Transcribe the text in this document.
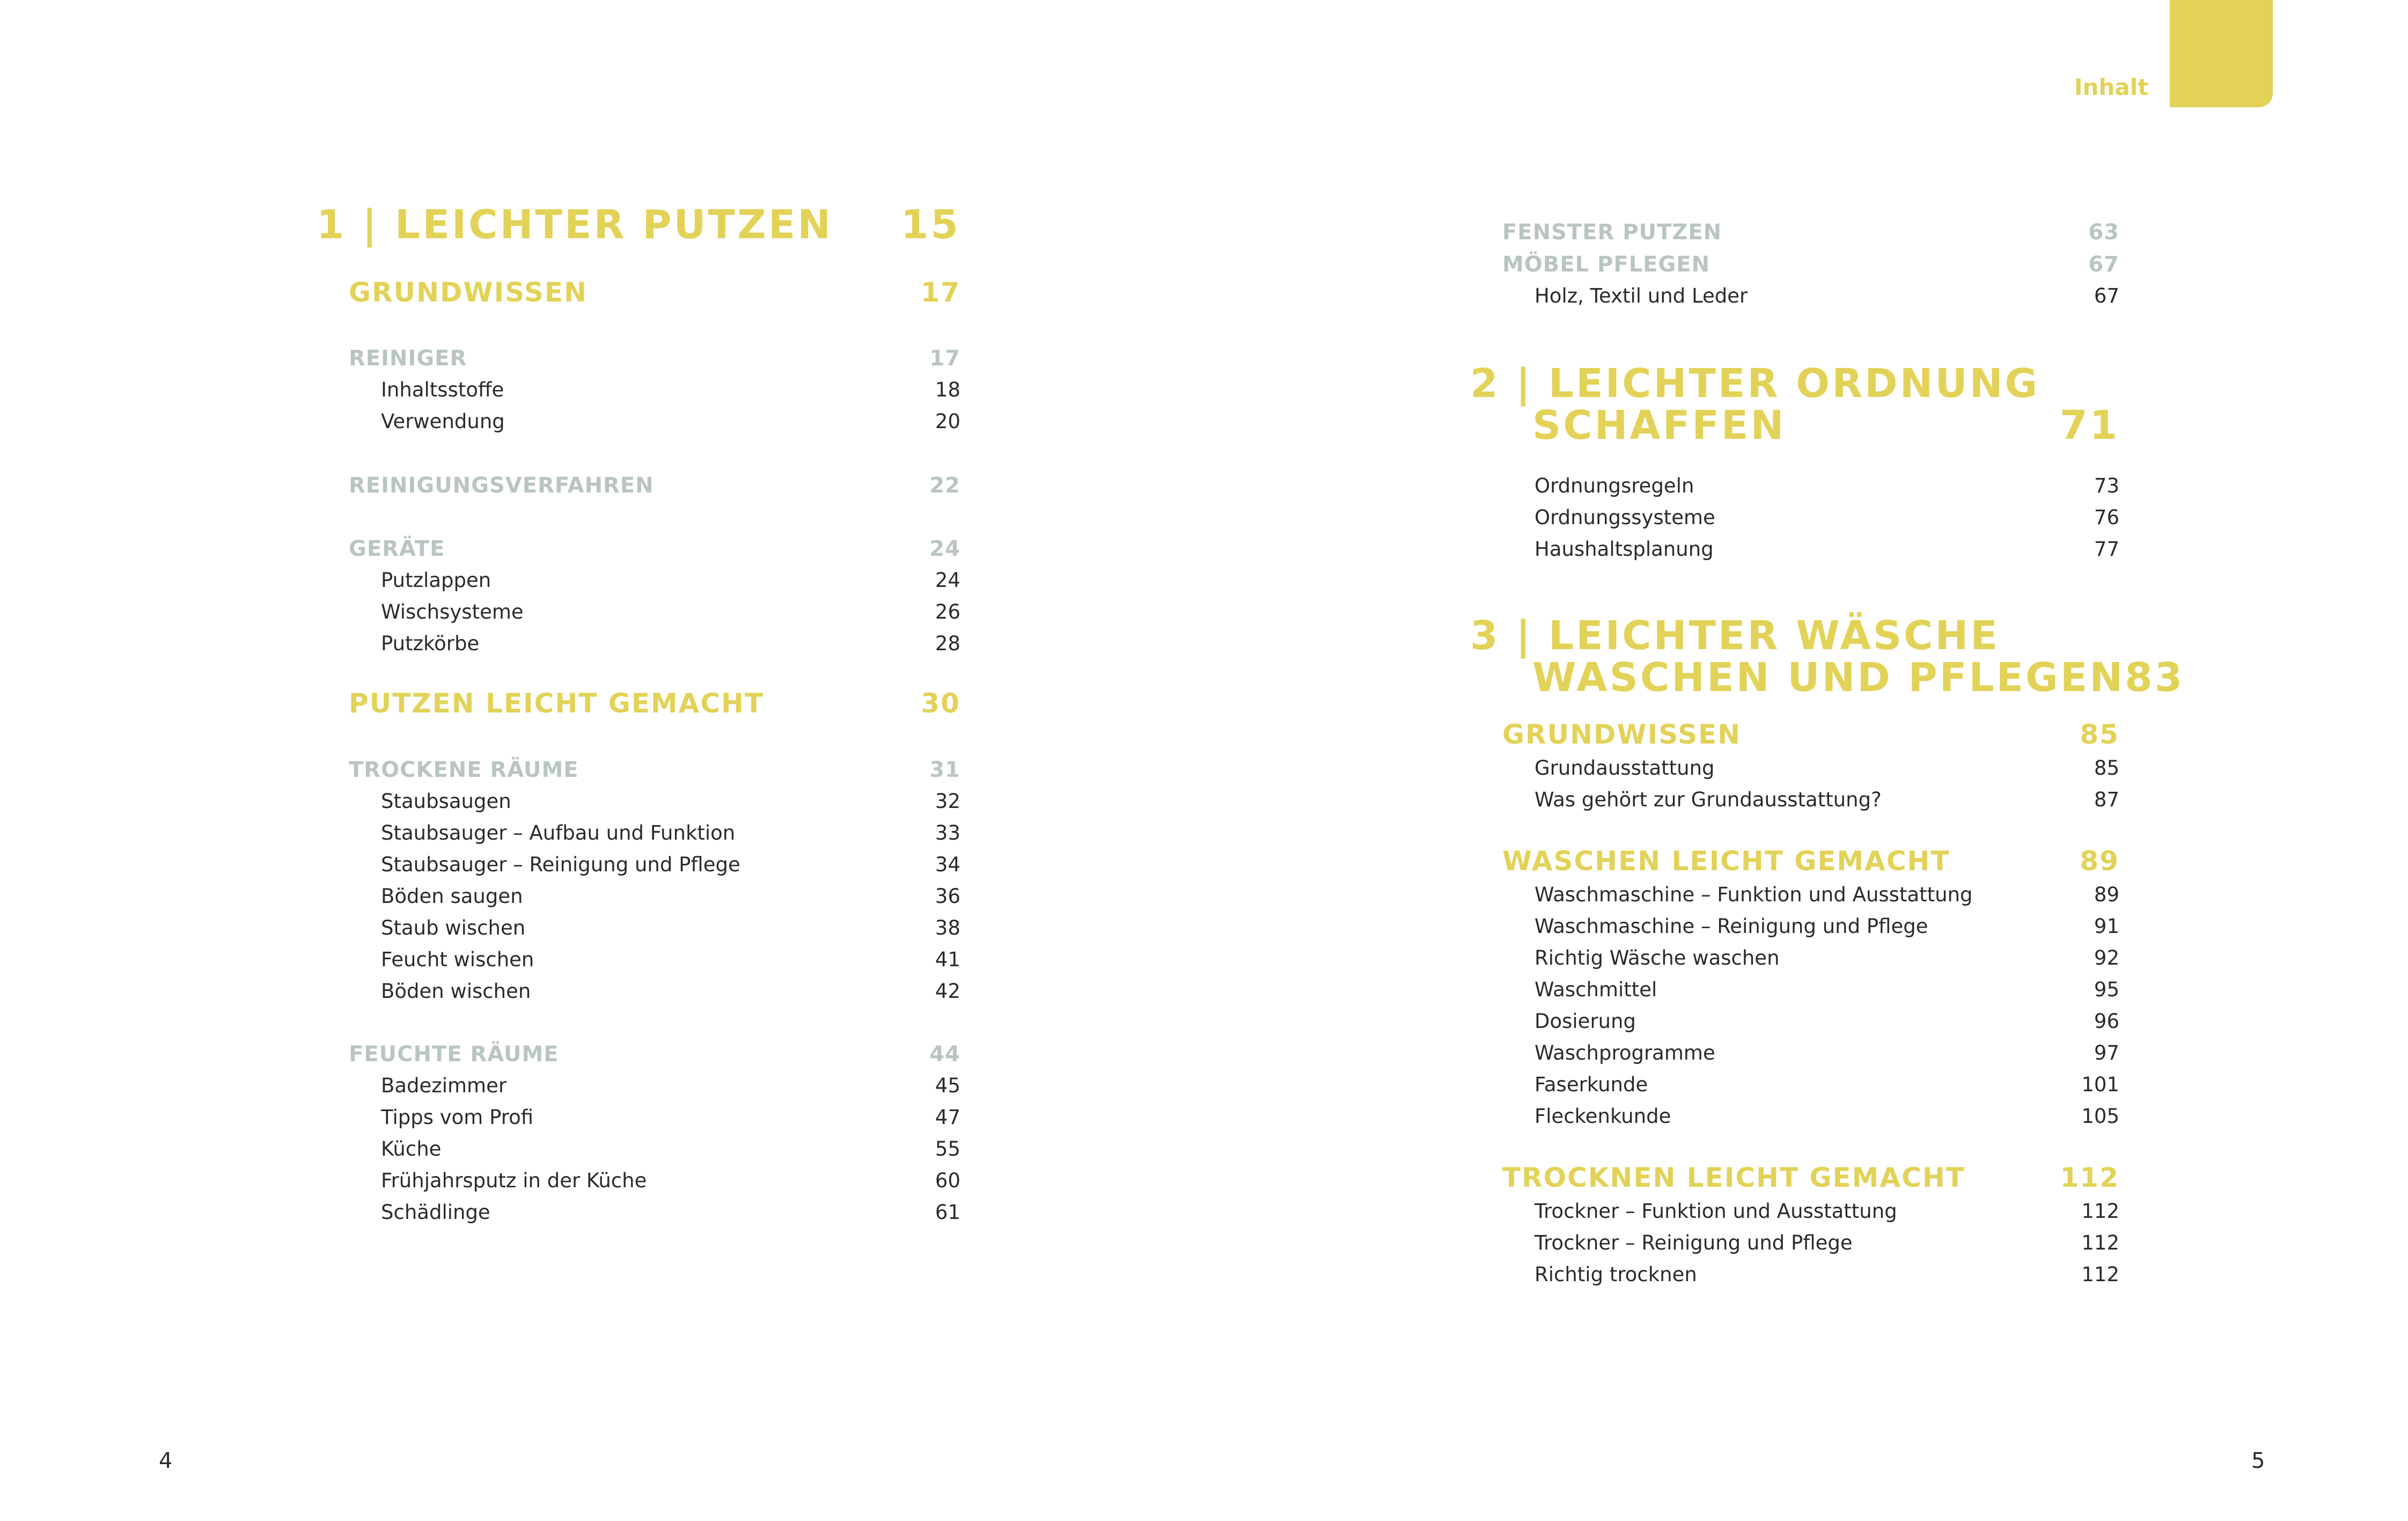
Inhalt
1 | LEICHTER PUTZEN 15
GRUNDWISSEN	17
REINIGER	17
REINIGUNGSVERFAHREN	22
GERÄTE	24
PUTZEN LEICHT GEMACHT	30
TROCKENE RÄUME	31
FEUCHTE RÄUME	44
Inhaltsstoffe	18
Verwendung	20
Putzlappen	24
Wischsysteme	26
Putzkörbe	28
Staubsaugen	32
Staubsauger – Aufbau und Funktion	33
Staubsauger – Reinigung und Pflege	34
Böden saugen	36
Staub wischen	38
Feucht wischen	41
Böden wischen	42
Badezimmer	45
Tipps vom Profi	47
Küche	55
Frühjahrsputz in der Küche	60
Schädlinge	61
FENSTER PUTZEN	63
MÖBEL PFLEGEN	67
2 | LEICHTER ORDNUNG
SCHAFFEN	71
3 | LEICHTER WÄSCHE
WASCHEN UND PFLEGEN 83
GRUNDWISSEN	85
WASCHEN LEICHT GEMACHT	89
TROCKNEN LEICHT GEMACHT	112
Holz, Textil und Leder	67
Ordnungsregeln	73
Ordnungssysteme	76
Haushaltsplanung	77
Grundausstattung	85
Was gehört zur Grundausstattung?	87
Waschmaschine – Funktion und Ausstattung	89
Waschmaschine – Reinigung und Pflege	91
Richtig Wäsche waschen	92
Waschmittel	95
Dosierung	96
Waschprogramme	97
Faserkunde	101
Fleckenkunde	105
Trockner – Funktion und Ausstattung	112
Trockner – Reinigung und Pflege	112
Richtig trocknen	112
4	5
